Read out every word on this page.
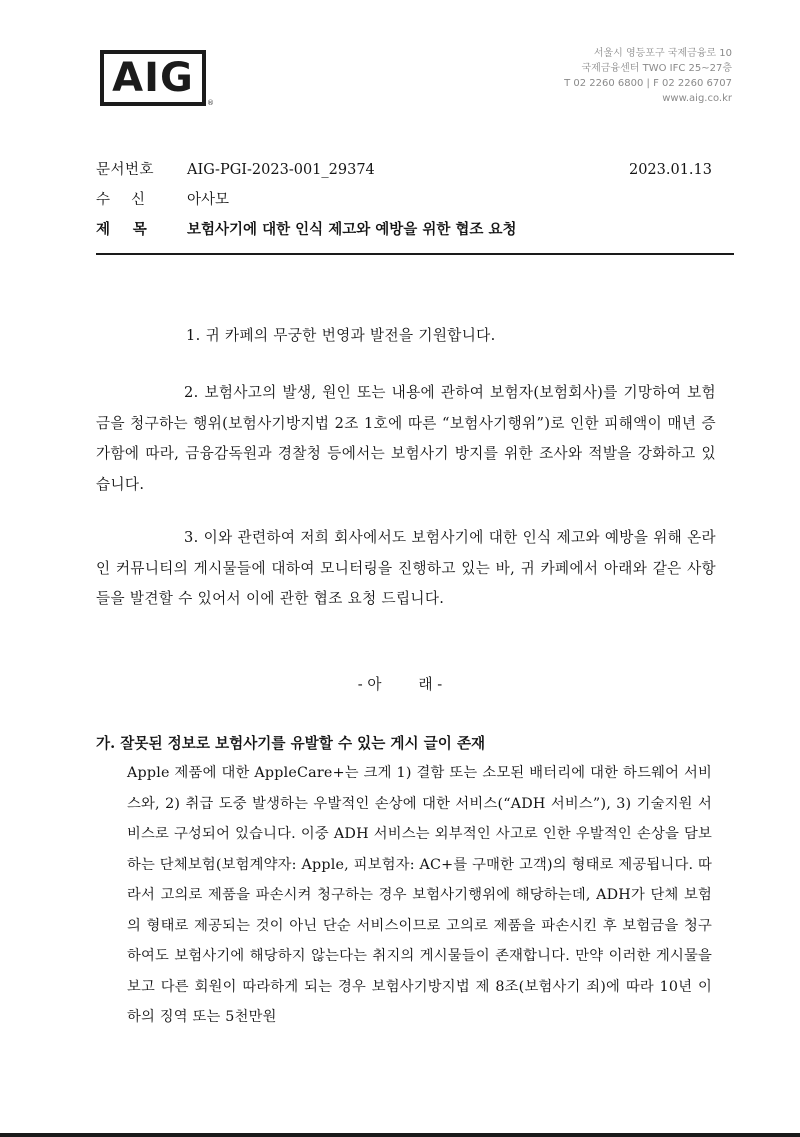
AIG
®
서울시 영등포구 국제금융로 10
국제금융센터 TWO IFC 25~27층
T 02 2260 6800 | F 02 2260 6707
www.aig.co.kr
문서번호 AIG-PGI-2023-001_29374	2023.01.13
수    신	아사모
제    목	보험사기에 대한 인식 제고와 예방을 위한 협조 요청

1. 귀 카페의 무궁한 번영과 발전을 기원합니다.

2. 보험사고의 발생, 원인 또는 내용에 관하여 보험자(보험회사)를 기망하여 보험금을 청구하는 행위(보험사기방지법 2조 1호에 따른 “보험사기행위”)로 인한 피해액이 매년 증가함에 따라, 금융감독원과 경찰청 등에서는 보험사기 방지를 위한 조사와 적발을 강화하고 있습니다.

3. 이와 관련하여 저희 회사에서도 보험사기에 대한 인식 제고와 예방을 위해 온라인 커뮤니티의 게시물들에 대하여 모니터링을 진행하고 있는 바, 귀 카페에서 아래와 같은 사항들을 발견할 수 있어서 이에 관한 협조 요청 드립니다.

- 아        래 -
가. 잘못된 정보로 보험사기를 유발할 수 있는 게시 글이 존재

Apple 제품에 대한 AppleCare+는 크게 1) 결함 또는 소모된 배터리에 대한 하드웨어 서비스와, 2) 취급 도중 발생하는 우발적인 손상에 대한 서비스(“ADH 서비스”), 3) 기술지원 서비스로 구성되어 있습니다. 이중 ADH 서비스는 외부적인 사고로 인한 우발적인 손상을 담보하는 단체보험(보험계약자: Apple, 피보험자: AC+를 구매한 고객)의 형태로 제공됩니다. 따라서 고의로 제품을 파손시켜 청구하는 경우 보험사기행위에 해당하는데, ADH가 단체 보험의 형태로 제공되는 것이 아닌 단순 서비스이므로 고의로 제품을 파손시킨 후 보험금을 청구하여도 보험사기에 해당하지 않는다는 취지의 게시물들이 존재합니다. 만약 이러한 게시물을 보고 다른 회원이 따라하게 되는 경우 보험사기방지법 제 8조(보험사기 죄)에 따라 10년 이하의 징역 또는 5천만원
